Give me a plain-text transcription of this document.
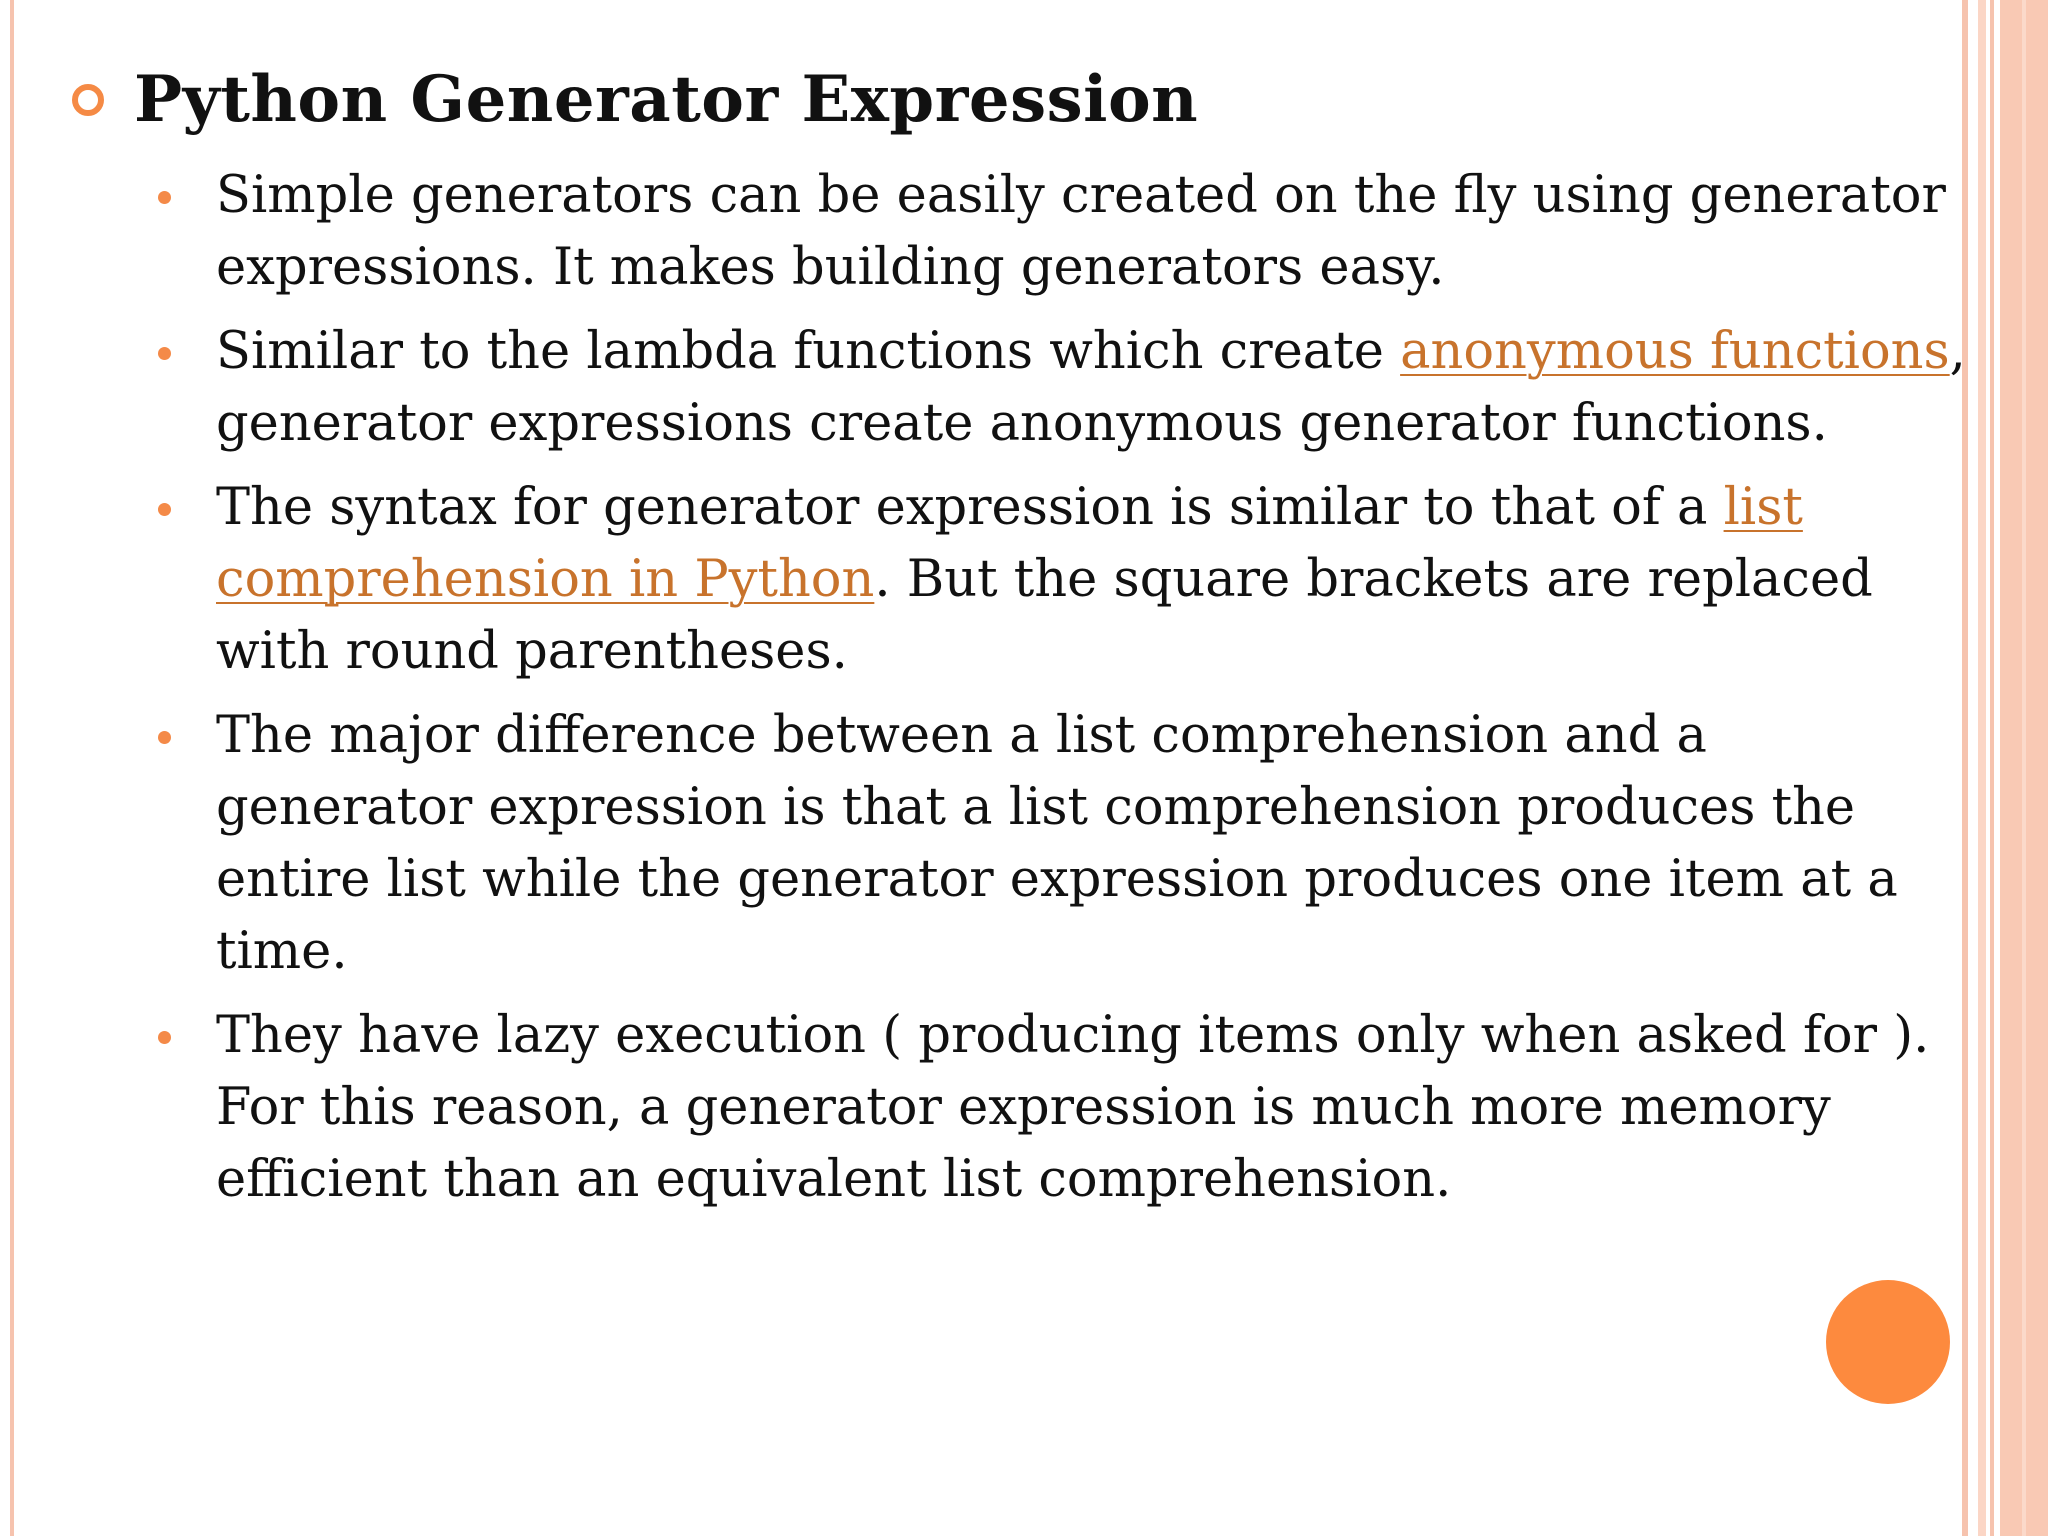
Python Generator Expression
Simple generators can be easily created on the fly using generator expressions. It makes building generators easy.
Similar to the lambda functions which create anonymous functions, generator expressions create anonymous generator functions.
The syntax for generator expression is similar to that of a list comprehension in Python. But the square brackets are replaced with round parentheses.
The major difference between a list comprehension and a generator expression is that a list comprehension produces the entire list while the generator expression produces one item at a time.
They have lazy execution ( producing items only when asked for ). For this reason, a generator expression is much more memory efficient than an equivalent list comprehension.
